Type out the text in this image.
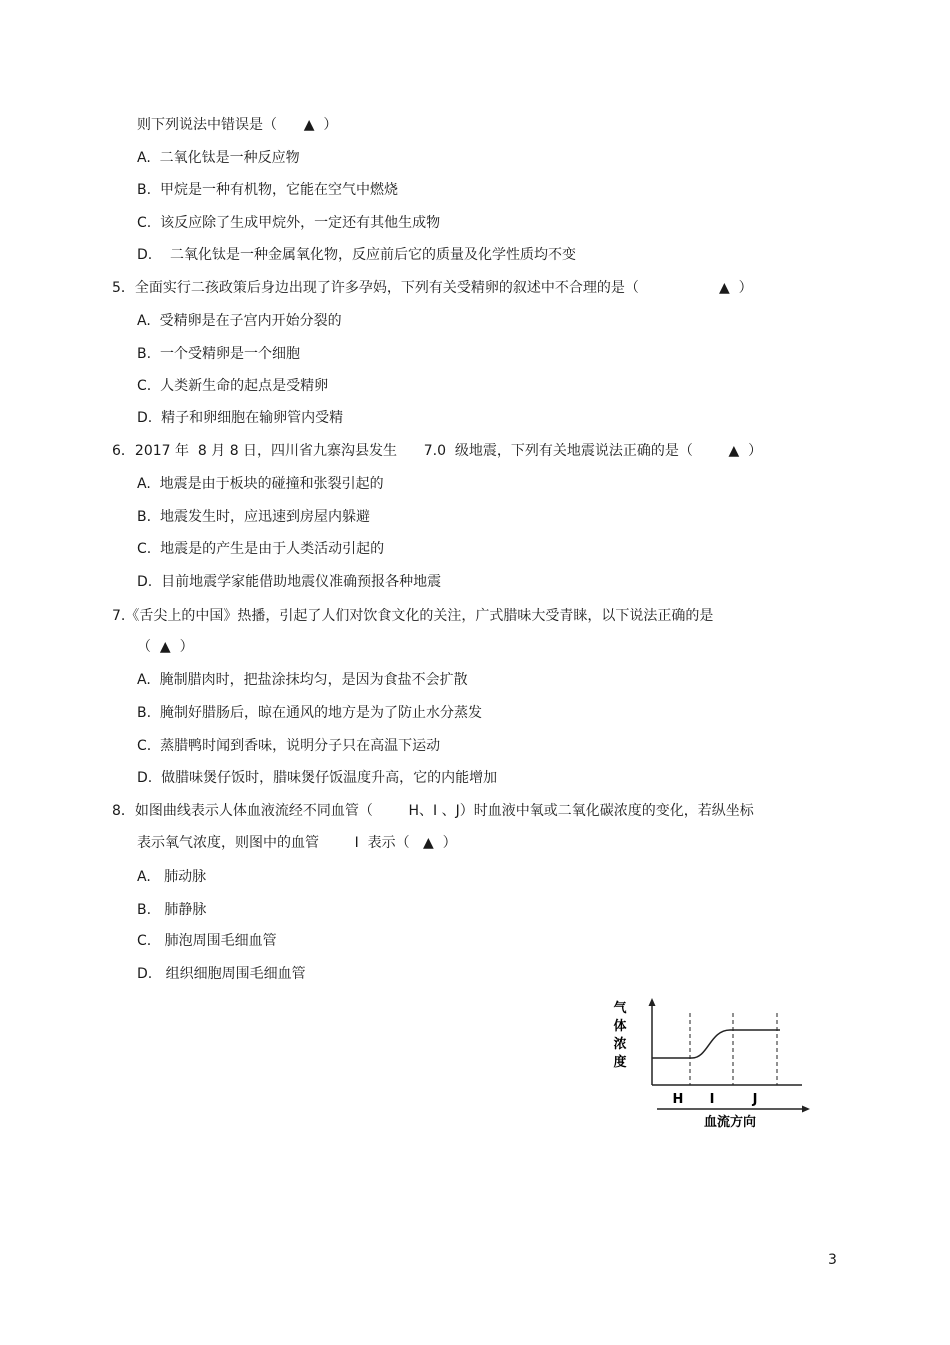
则下列说法中错误是（      ▲  ）
A.  二氧化钛是一种反应物
B.  甲烷是一种有机物，它能在空气中燃烧
C.  该反应除了生成甲烷外，一定还有其他生成物
D.    二氧化钛是一种金属氧化物，反应前后它的质量及化学性质均不变
5．全面实行二孩政策后身边出现了许多孕妈，下列有关受精卵的叙述中不合理的是（                  ▲  ）
A.  受精卵是在子宫内开始分裂的
B.  一个受精卵是一个细胞
C.  人类新生命的起点是受精卵
D.  精子和卵细胞在输卵管内受精
6．2017 年  8 月 8 日，四川省九寨沟县发生      7.0  级地震，下列有关地震说法正确的是（        ▲  ）
A.  地震是由于板块的碰撞和张裂引起的
B.  地震发生时，应迅速到房屋内躲避
C.  地震是的产生是由于人类活动引起的
D.  目前地震学家能借助地震仪准确预报各种地震
7.《舌尖上的中国》热播，引起了人们对饮食文化的关注，广式腊味大受青睐，以下说法正确的是
（  ▲  ）
A.  腌制腊肉时，把盐涂抹均匀，是因为食盐不会扩散
B.  腌制好腊肠后，晾在通风的地方是为了防止水分蒸发
C.  蒸腊鸭时闻到香味，说明分子只在高温下运动
D.  做腊味煲仔饭时，腊味煲仔饭温度升高，它的内能增加
8．如图曲线表示人体血液流经不同血管（        H、I 、J）时血液中氧或二氧化碳浓度的变化，若纵坐标
表示氧气浓度，则图中的血管        I  表示（   ▲  ）
A.   肺动脉
B.   肺静脉
C.   肺泡周围毛细血管
D.   组织细胞周围毛细血管
气
体
浓
度
H I	J
血流方向
3
